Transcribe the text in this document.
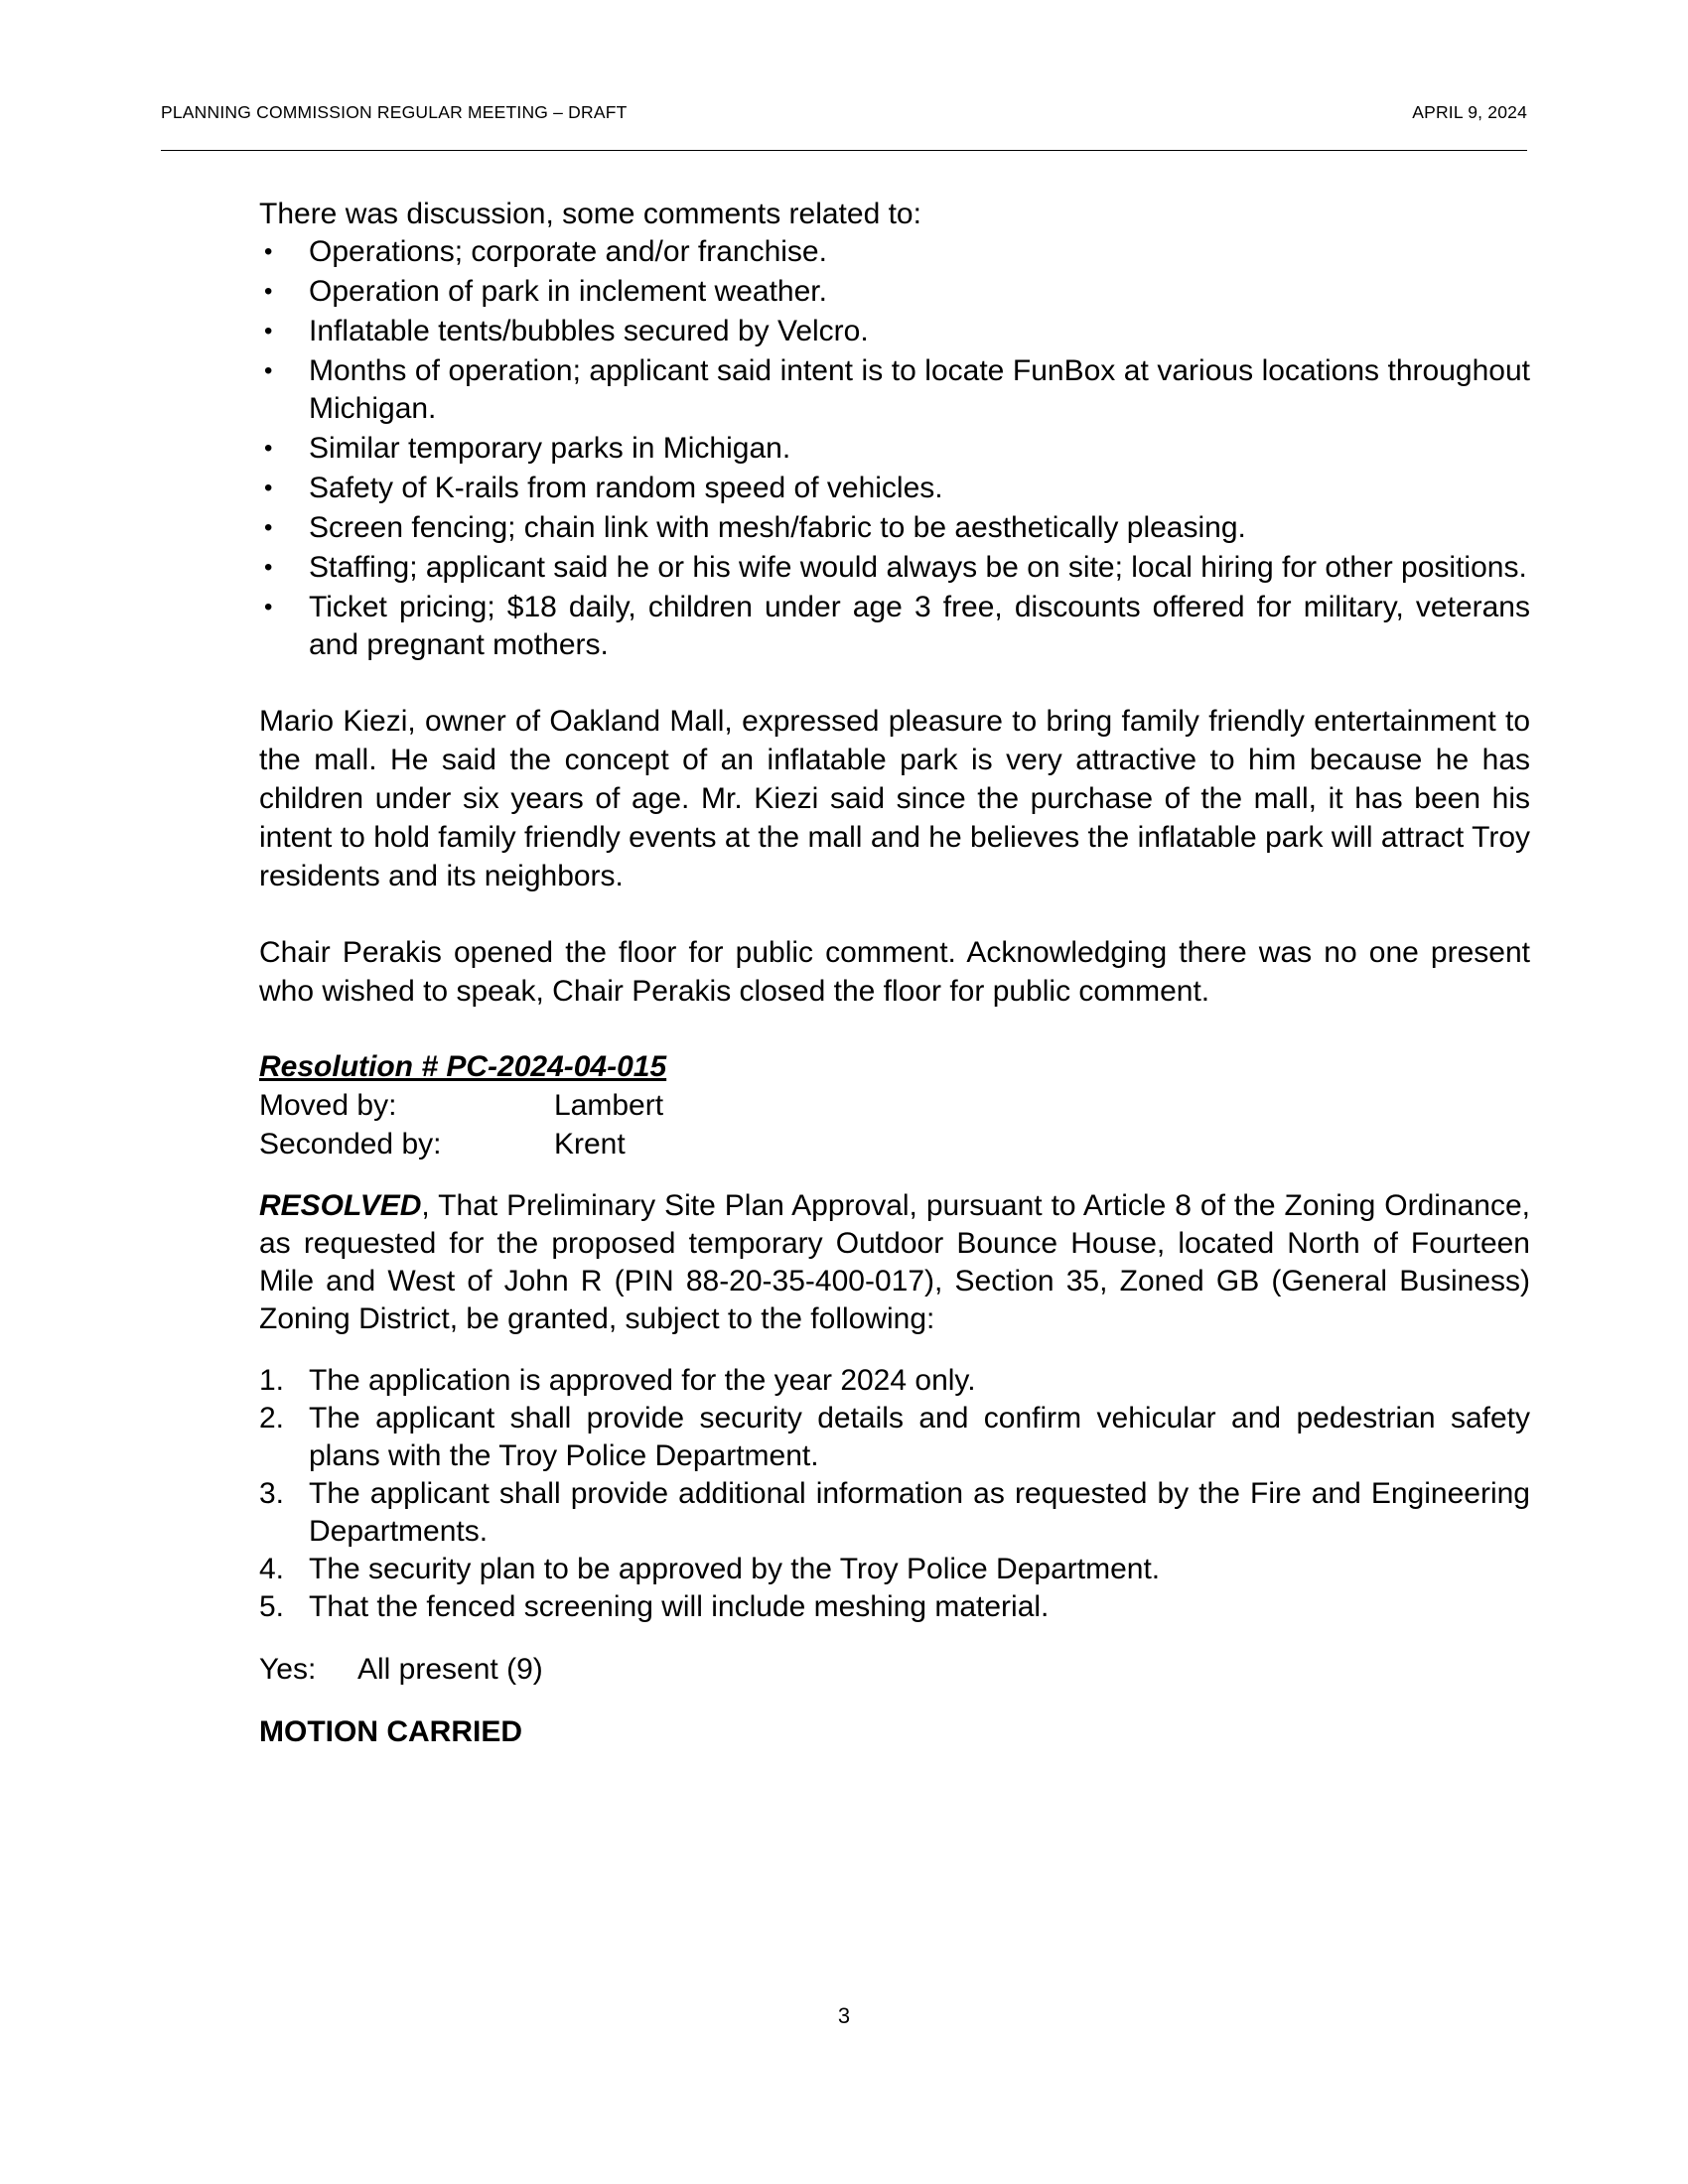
PLANNING COMMISSION REGULAR MEETING – DRAFT	APRIL 9, 2024

There was discussion, some comments related to:

• Operations; corporate and/or franchise.
• Operation of park in inclement weather.
• Inflatable tents/bubbles secured by Velcro.
• Months of operation; applicant said intent is to locate FunBox at various locations throughout Michigan.
• Similar temporary parks in Michigan.
• Safety of K-rails from random speed of vehicles.
• Screen fencing; chain link with mesh/fabric to be aesthetically pleasing.
• Staffing; applicant said he or his wife would always be on site; local hiring for other positions.
• Ticket pricing; $18 daily, children under age 3 free, discounts offered for military, veterans and pregnant mothers.

Mario Kiezi, owner of Oakland Mall, expressed pleasure to bring family friendly entertainment to the mall. He said the concept of an inflatable park is very attractive to him because he has children under six years of age. Mr. Kiezi said since the purchase of the mall, it has been his intent to hold family friendly events at the mall and he believes the inflatable park will attract Troy residents and its neighbors.

Chair Perakis opened the floor for public comment. Acknowledging there was no one present who wished to speak, Chair Perakis closed the floor for public comment.

Resolution # PC-2024-04-015

Moved by:	Lambert
Seconded by:	Krent

RESOLVED, That Preliminary Site Plan Approval, pursuant to Article 8 of the Zoning Ordinance, as requested for the proposed temporary Outdoor Bounce House, located North of Fourteen Mile and West of John R (PIN 88-20-35-400-017), Section 35, Zoned GB (General Business) Zoning District, be granted, subject to the following:

1. The application is approved for the year 2024 only.
2. The applicant shall provide security details and confirm vehicular and pedestrian safety plans with the Troy Police Department.
3. The applicant shall provide additional information as requested by the Fire and Engineering Departments.
4. The security plan to be approved by the Troy Police Department.
5. That the fenced screening will include meshing material.

Yes: All present (9)

MOTION CARRIED

3
